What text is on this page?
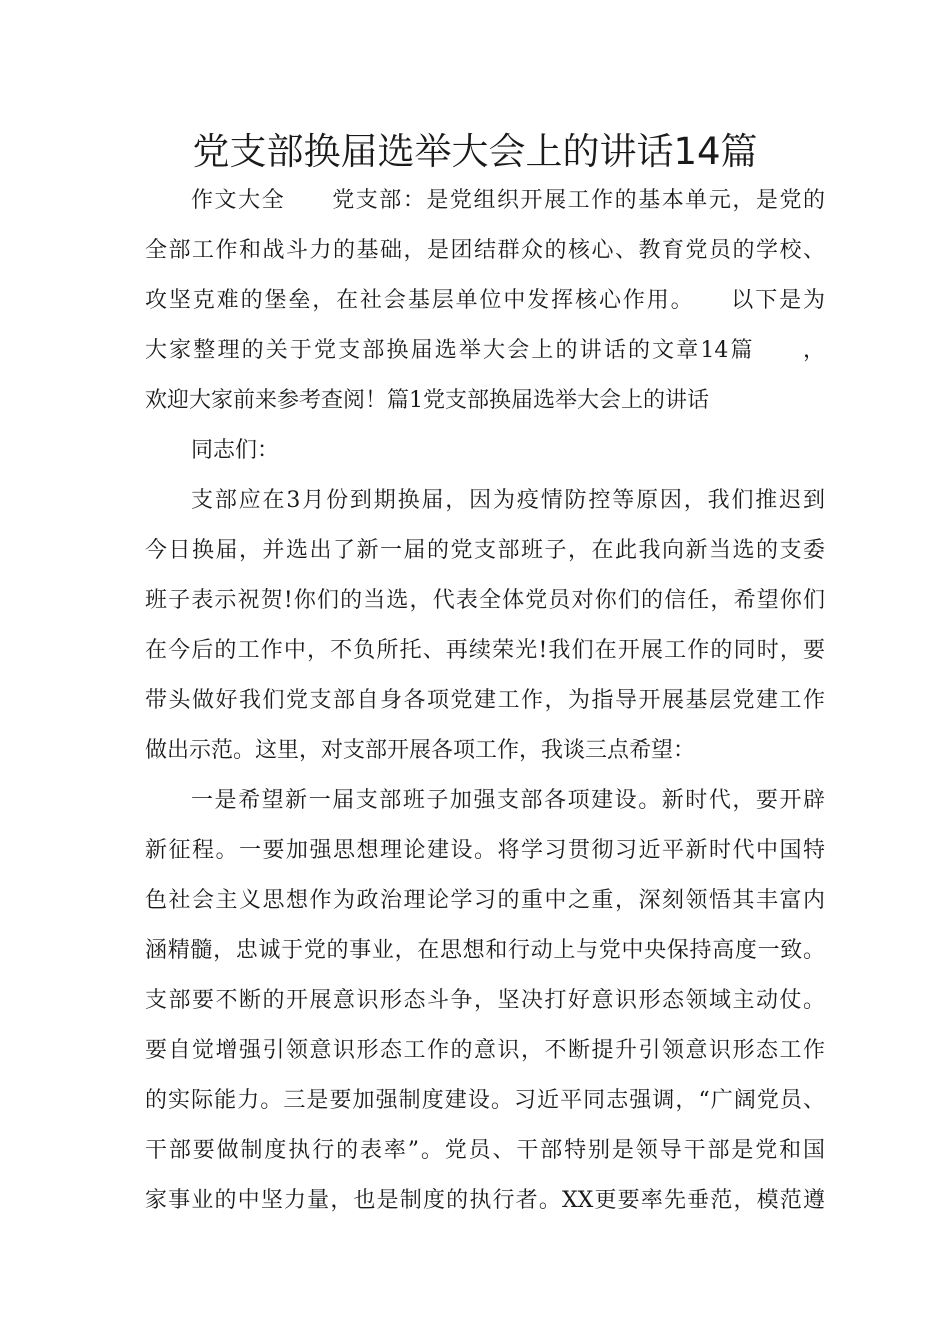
党支部换届选举大会上的讲话14篇
作文大全　　党支部：是党组织开展工作的基本单元，是党的
全部工作和战斗力的基础，是团结群众的核心、教育党员的学校、
攻坚克难的堡垒，在社会基层单位中发挥核心作用。　　以下是为
大家整理的关于党支部换届选举大会上的讲话的文章14篇　　，
欢迎大家前来参考查阅！篇1党支部换届选举大会上的讲话
同志们：
支部应在3月份到期换届，因为疫情防控等原因，我们推迟到
今日换届，并选出了新一届的党支部班子，在此我向新当选的支委
班子表示祝贺!你们的当选，代表全体党员对你们的信任，希望你们
在今后的工作中，不负所托、再续荣光!我们在开展工作的同时，要
带头做好我们党支部自身各项党建工作，为指导开展基层党建工作
做出示范。这里，对支部开展各项工作，我谈三点希望：
一是希望新一届支部班子加强支部各项建设。新时代，要开辟
新征程。一要加强思想理论建设。将学习贯彻习近平新时代中国特
色社会主义思想作为政治理论学习的重中之重，深刻领悟其丰富内
涵精髓，忠诚于党的事业，在思想和行动上与党中央保持高度一致。
支部要不断的开展意识形态斗争，坚决打好意识形态领域主动仗。
要自觉增强引领意识形态工作的意识，不断提升引领意识形态工作
的实际能力。三是要加强制度建设。习近平同志强调，“广阔党员、
干部要做制度执行的表率”。党员、干部特别是领导干部是党和国
家事业的中坚力量，也是制度的执行者。XX更要率先垂范，模范遵
